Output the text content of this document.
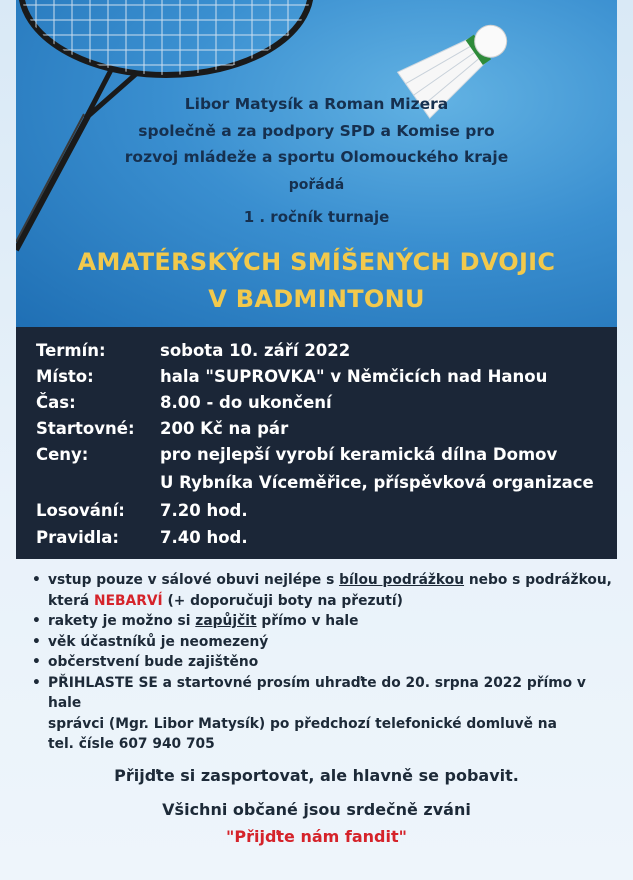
Libor Matysík a Roman Mizera
společně a za podpory SPD a Komise pro
rozvoj mládeže a sportu Olomouckého kraje
pořádá
1 . ročník turnaje
AMATÉRSKÝCH SMÍŠENÝCH DVOJIC
V BADMINTONU
Termín:	sobota 10. září 2022
Místo:	hala "SUPROVKA" v Němčicích nad Hanou
Čas:	8.00 - do ukončení
Startovné: 200 Kč na pár
Ceny:	pro nejlepší vyrobí keramická dílna Domov
U Rybníka Víceměřice, příspěvková organizace
Losování: 7.20 hod.
Pravidla: 7.40 hod.
• vstup pouze v sálové obuvi nejlépe s bílou podrážkou nebo s podrážkou,
která NEBARVÍ (+ doporučuji boty na přezutí)
• rakety je možno si zapůjčit přímo v hale
• věk účastníků je neomezený
• občerstvení bude zajištěno
• PŘIHLASTE SE a startovné prosím uhraďte do 20. srpna 2022 přímo v hale
správci (Mgr. Libor Matysík) po předchozí telefonické domluvě na
tel. čísle 607 940 705
Přijďte si zasportovat, ale hlavně se pobavit.
Všichni občané jsou srdečně zváni
"Přijďte nám fandit"
